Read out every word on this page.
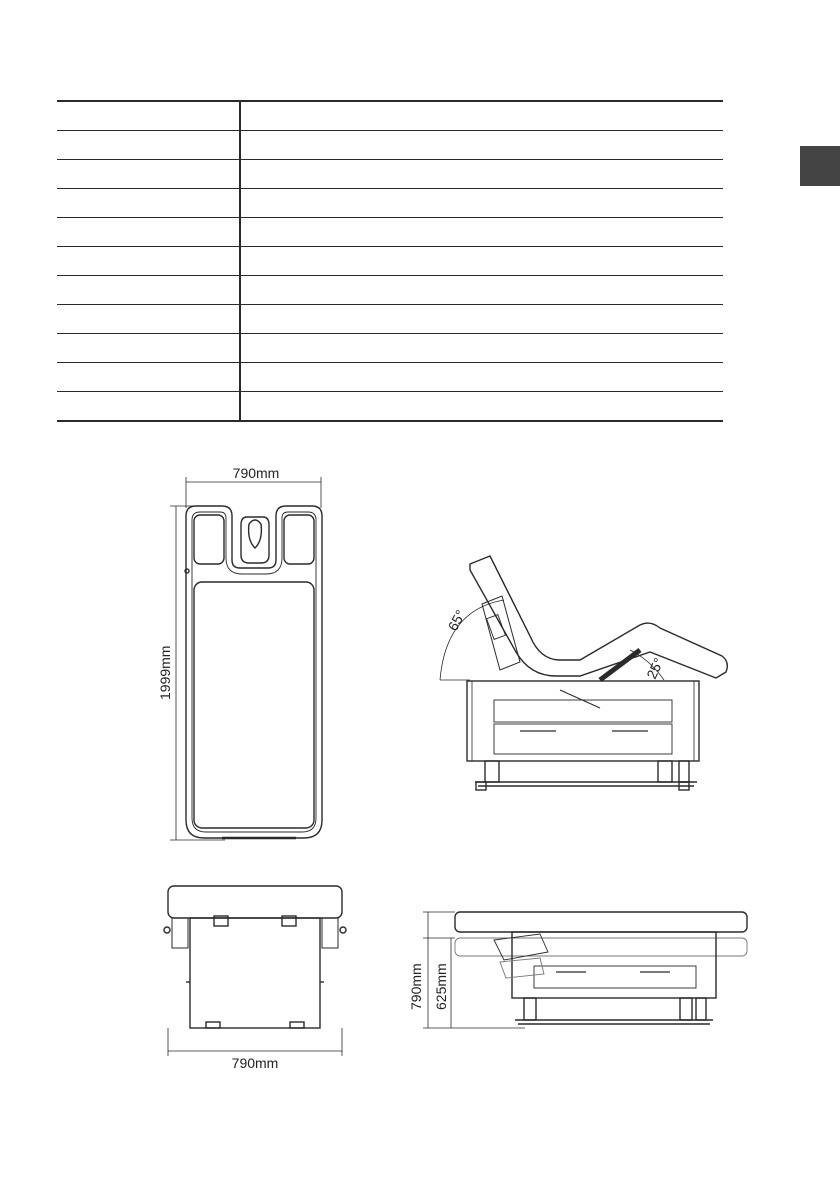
790mm
1999mm
65°
25°
790mm
790mm 625mm
